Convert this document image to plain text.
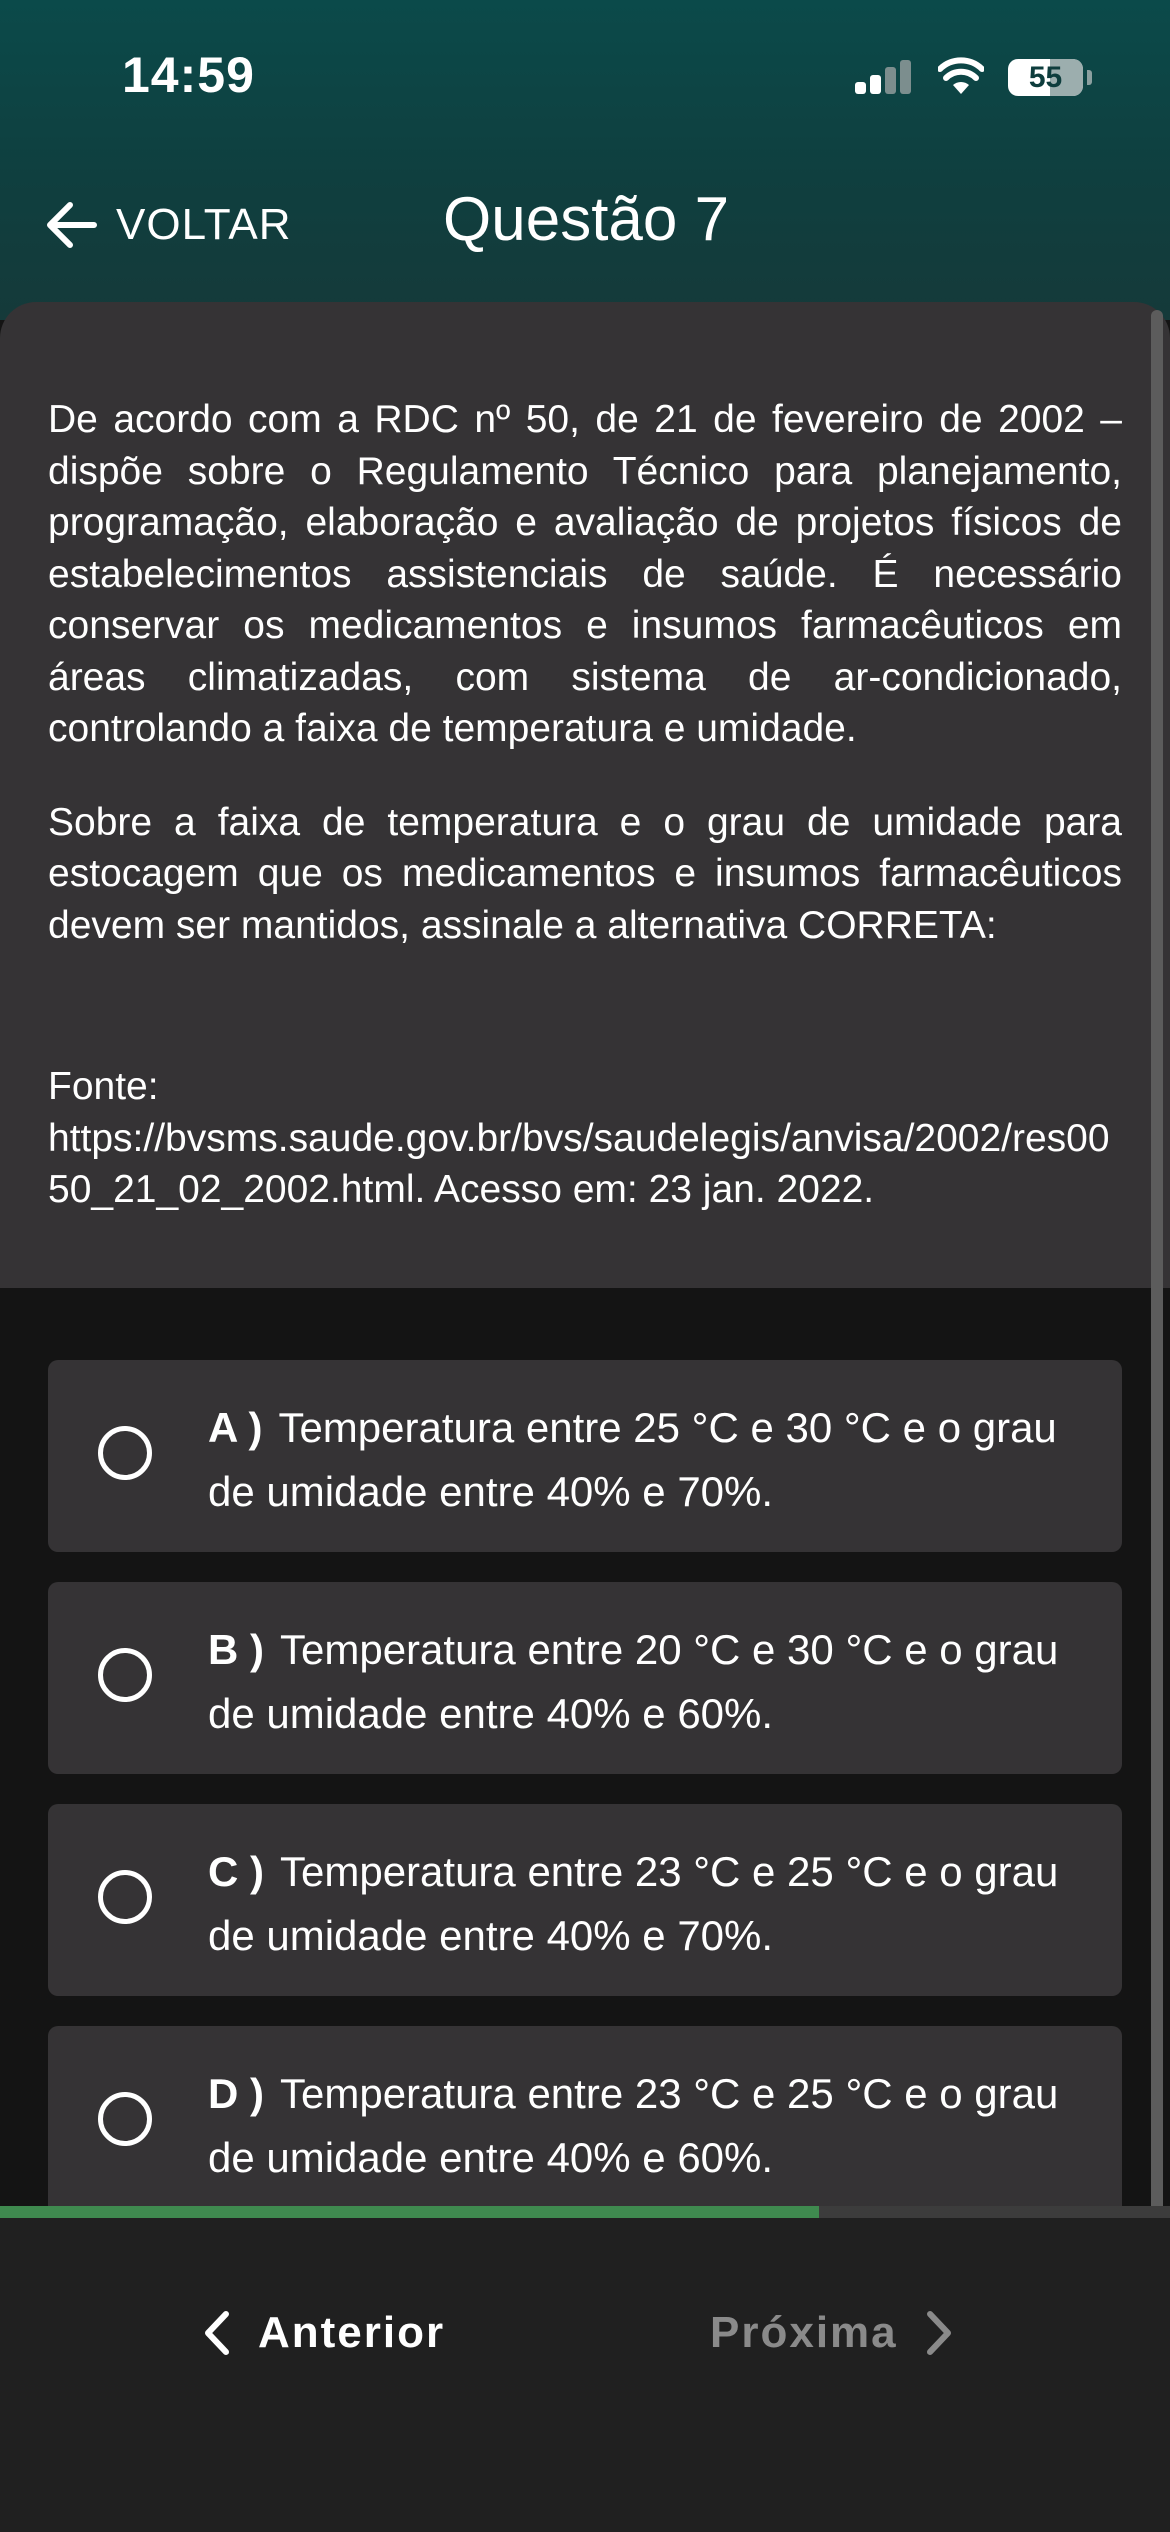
14:59	55
VOLTAR Questão 7

De acordo com a RDC nº 50, de 21 de fevereiro de 2002 – dispõe sobre o Regulamento Técnico para planejamento, programação, elaboração e avaliação de projetos físicos de estabelecimentos assistenciais de saúde. É necessário conservar os medicamentos e insumos farmacêuticos em áreas climatizadas, com sistema de ar-condicionado, controlando a faixa de temperatura e umidade.

Sobre a faixa de temperatura e o grau de umidade para estocagem que os medicamentos e insumos farmacêuticos devem ser mantidos, assinale a alternativa CORRETA:

Fonte:
https://bvsms.saude.gov.br/bvs/saudelegis/anvisa/2002/res0050_21_02_2002.html. Acesso em: 23 jan. 2022.

A ) Temperatura entre 25 °C e 30 °C e o grau de umidade entre 40% e 70%.
B ) Temperatura entre 20 °C e 30 °C e o grau de umidade entre 40% e 60%.
C ) Temperatura entre 23 °C e 25 °C e o grau de umidade entre 40% e 70%.
D ) Temperatura entre 23 °C e 25 °C e o grau de umidade entre 40% e 60%.
Anterior	Próxima
